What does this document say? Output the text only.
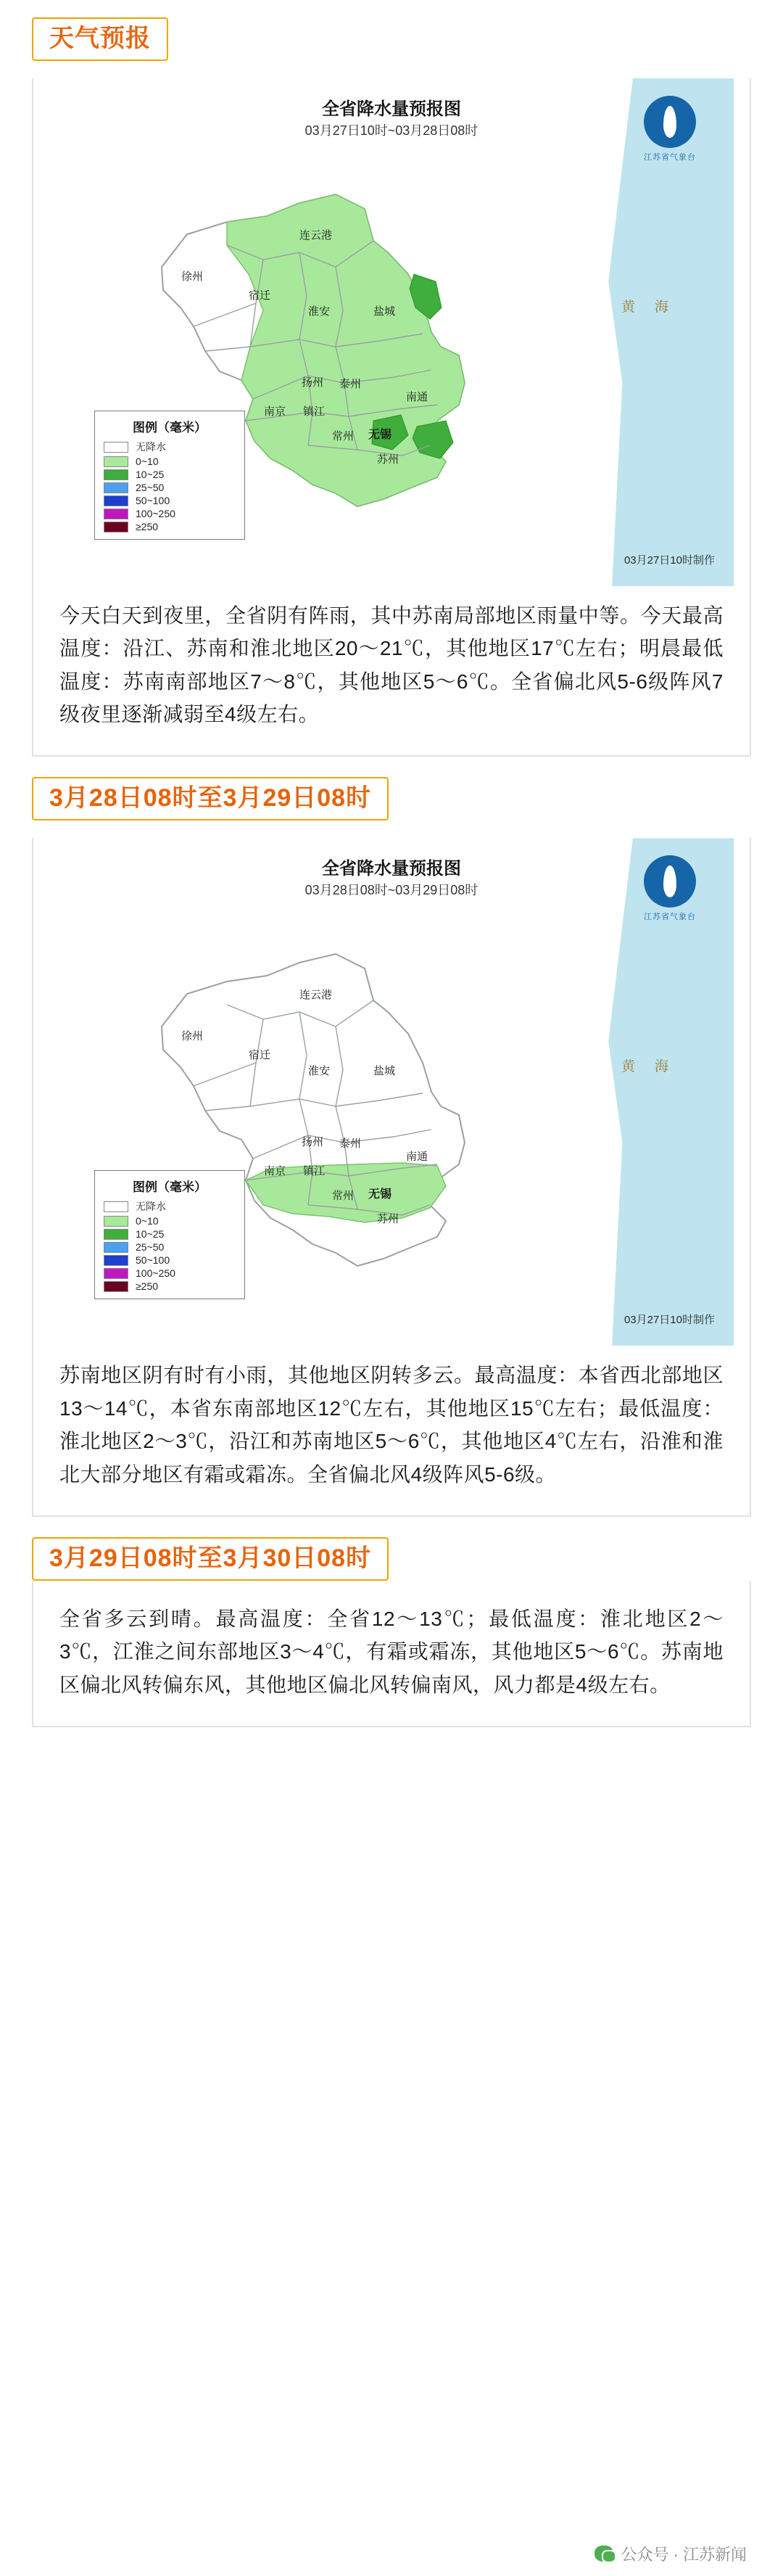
天气预报
全省降水量预报图
03月27日10时~03月28日08时
江苏省气象台
黄　海
连云港
徐州
宿迁
淮安	盐城
扬州 泰州
南通
南京 镇江
常州 无锡
苏州
图例（毫米）
无降水
0~10
10~25
25~50
50~100
100~250
≥250
03月27日10时制作

今天白天到夜里，全省阴有阵雨，其中苏南局部地区雨量中等。今天最高温度：沿江、苏南和淮北地区20～21℃，其他地区17℃左右；明晨最低温度：苏南南部地区7～8℃，其他地区5～6℃。全省偏北风5-6级阵风7级夜里逐渐减弱至4级左右。

3月28日08时至3月29日08时
全省降水量预报图
03月28日08时~03月29日08时
江苏省气象台
黄　海
连云港
徐州
宿迁
淮安	盐城
扬州 泰州
南通
南京 镇江
常州 无锡
苏州
图例（毫米）
无降水
0~10
10~25
25~50
50~100
100~250
≥250
03月27日10时制作

苏南地区阴有时有小雨，其他地区阴转多云。最高温度：本省西北部地区13～14℃，本省东南部地区12℃左右，其他地区15℃左右；最低温度：淮北地区2～3℃，沿江和苏南地区5～6℃，其他地区4℃左右，沿淮和淮北大部分地区有霜或霜冻。全省偏北风4级阵风5-6级。

3月29日08时至3月30日08时

全省多云到晴。最高温度：全省12～13℃；最低温度：淮北地区2～3℃，江淮之间东部地区3～4℃，有霜或霜冻，其他地区5～6℃。苏南地区偏北风转偏东风，其他地区偏北风转偏南风，风力都是4级左右。

公众号 · 江苏新闻
